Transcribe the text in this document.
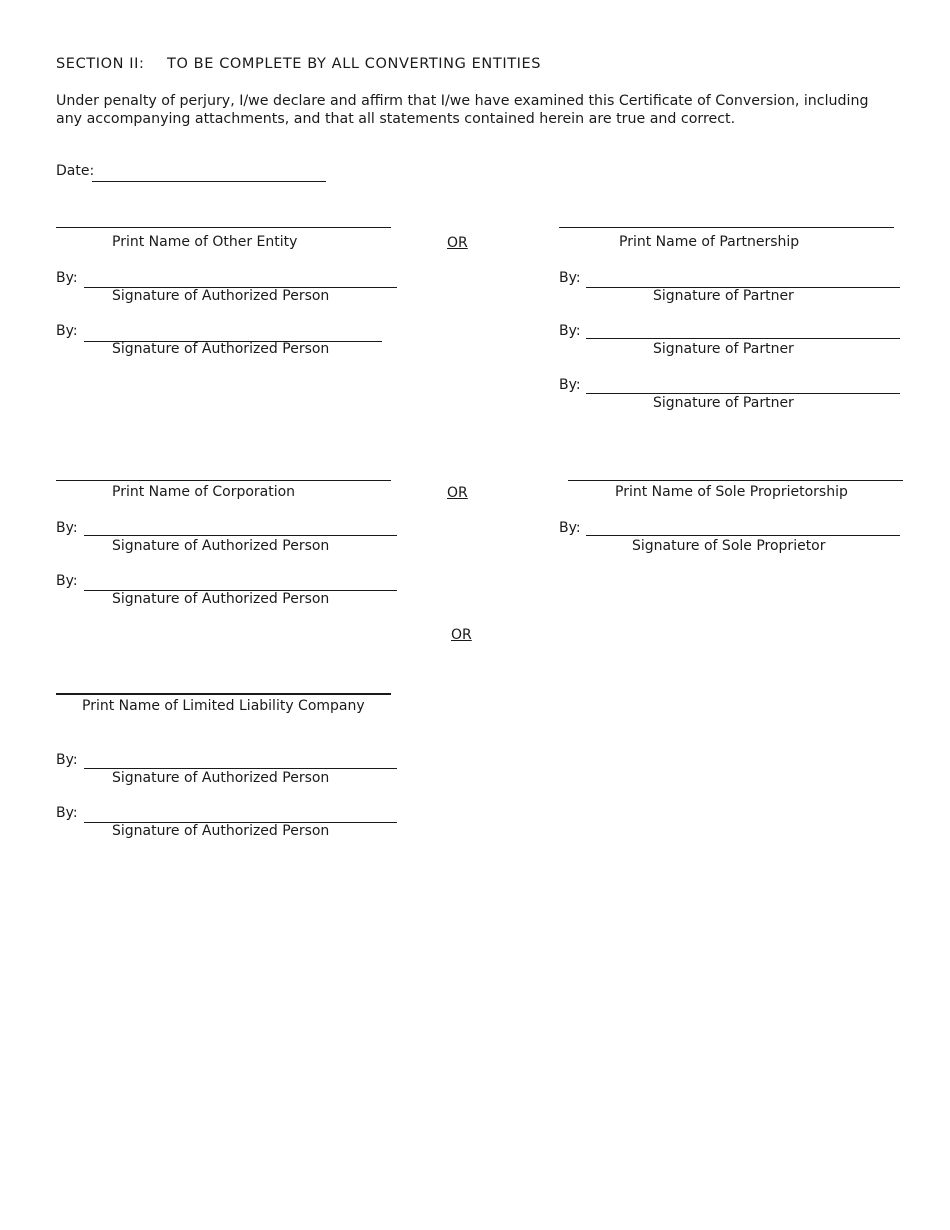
SECTION II: TO BE COMPLETE BY ALL CONVERTING ENTITIES
Under penalty of perjury, I/we declare and affirm that I/we have examined this Certificate of Conversion, including any accompanying attachments, and that all statements contained herein are true and correct.
Date:
Print Name of Other Entity
By:
Signature of Authorized Person
By:
Signature of Authorized Person
OR	Print Name of Partnership
By:
Signature of Partner
By:
Signature of Partner
By:
Signature of Partner
Print Name of Corporation
By:
Signature of Authorized Person
By:
Signature of Authorized Person
OR	Print Name of Sole Proprietorship
By:
Signature of Sole Proprietor
OR
Print Name of Limited Liability Company
By:
Signature of Authorized Person
By:
Signature of Authorized Person
